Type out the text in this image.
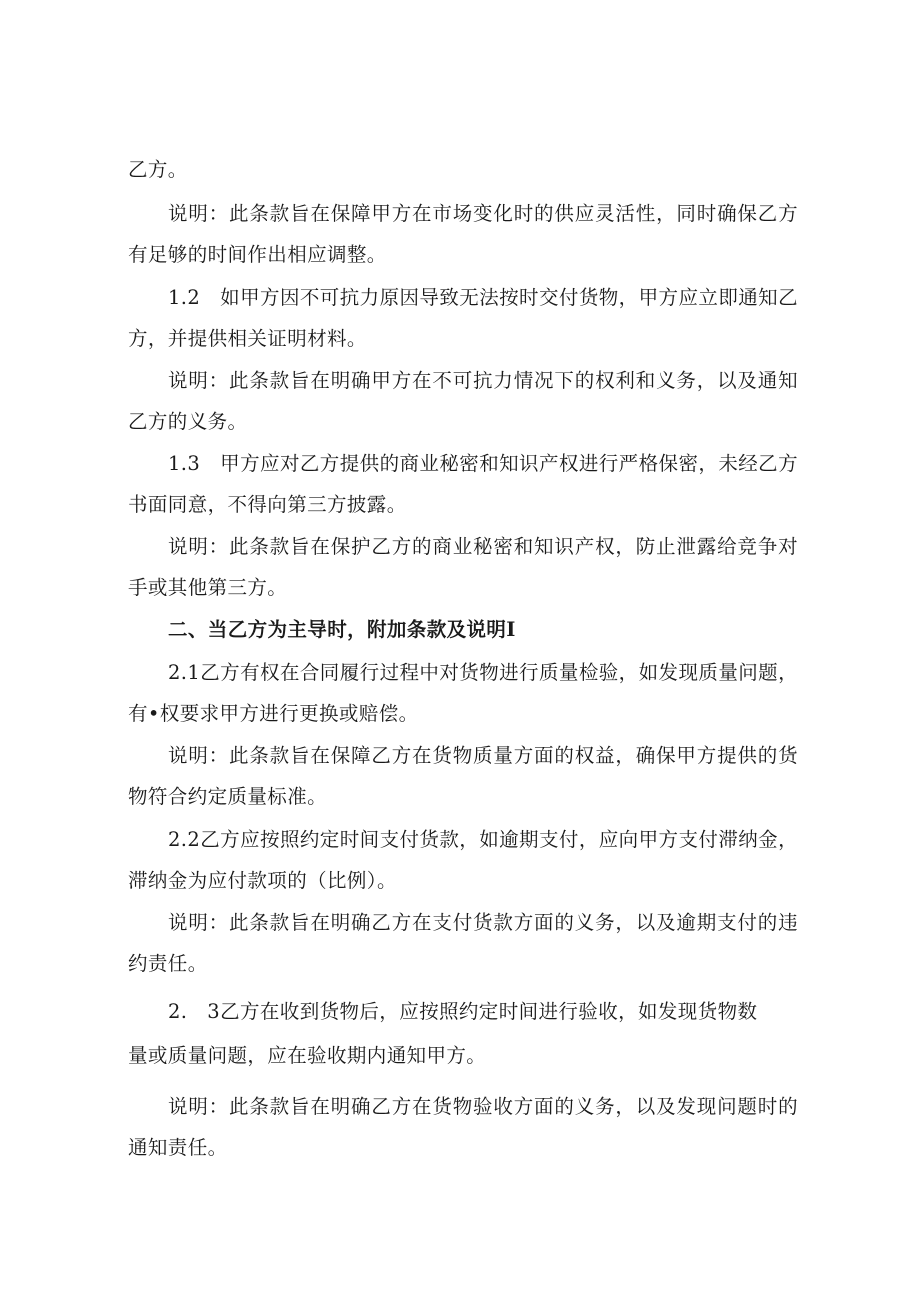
乙方。
说明：此条款旨在保障甲方在市场变化时的供应灵活性，同时确保乙方
有足够的时间作出相应调整。
1.2　如甲方因不可抗力原因导致无法按时交付货物，甲方应立即通知乙
方，并提供相关证明材料。
说明：此条款旨在明确甲方在不可抗力情况下的权利和义务，以及通知
乙方的义务。
1.3　甲方应对乙方提供的商业秘密和知识产权进行严格保密，未经乙方
书面同意，不得向第三方披露。
说明：此条款旨在保护乙方的商业秘密和知识产权，防止泄露给竞争对
手或其他第三方。
二、当乙方为主导时，附加条款及说明I
2.1乙方有权在合同履行过程中对货物进行质量检验，如发现质量问题，
有•权要求甲方进行更换或赔偿。
说明：此条款旨在保障乙方在货物质量方面的权益，确保甲方提供的货
物符合约定质量标准。
2.2乙方应按照约定时间支付货款，如逾期支付，应向甲方支付滞纳金，
滞纳金为应付款项的（比例）。
说明：此条款旨在明确乙方在支付货款方面的义务，以及逾期支付的违
约责任。
2.　3乙方在收到货物后，应按照约定时间进行验收，如发现货物数
量或质量问题，应在验收期内通知甲方。
说明：此条款旨在明确乙方在货物验收方面的义务，以及发现问题时的
通知责任。
